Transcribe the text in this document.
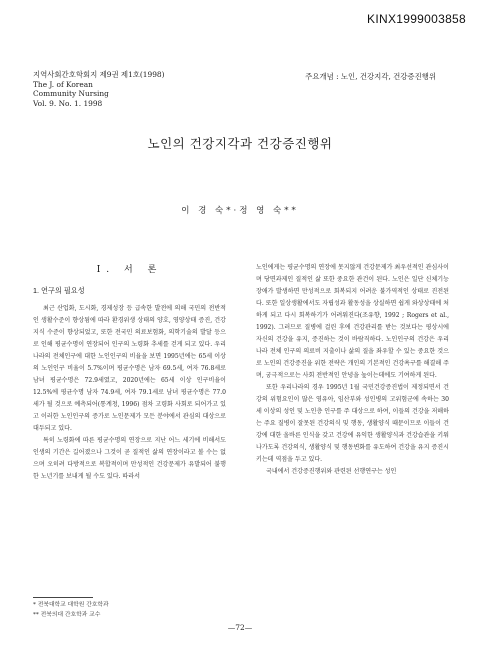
KINX1999003858
지역사회간호학회지 제9권 제1호(1998)
The J. of Korean
Community Nursing
Vol. 9. No. 1. 1998
주요개념 : 노인, 건강지각, 건강증진행위
노인의 건강지각과 건강증진행위
이 경 숙*·정 영 숙**
Ⅰ. 서 론
1. 연구의 필요성

최근 산업화, 도시화, 경제성장 등 급속한 발전에 의해 국민의 전반적인 생활수준이 향상됨에 따라 환경위생 상태의 양호, 영양상태 증진, 건강지식 수준이 향상되었고, 또한 전국민 의료보험화, 의학기술의 발달 등으로 인해 평균수명이 연장되어 인구의 노령화 추세를 걷게 되고 있다. 우리나라의 전체인구에 대한 노인인구의 비율을 보면 1995년에는 65세 이상의 노인인구 비율이 5.7%이며 평균수명은 남자 69.5세, 여자 76.8세로 남녀 평균수명은 72.9세였고, 2020년에는 65세 이상 인구비율이 12.5%에 평균수명 남자 74.9세, 여자 79.1세로 남녀 평균수명은 77.0세가 될 것으로 예측되어(통계청, 1996) 점차 고령화 사회로 되어가고 있고 이러한 노인인구의 증가로 노인문제가 모든 분야에서 관심의 대상으로 대두되고 있다.

특히 노령화에 따른 평균수명의 연장으로 지난 어느 세기에 비해서도 인생의 기간은 길어졌으나 그것이 곧 질적인 삶의 연장이라고 볼 수는 없으며 오히려 다방적으로 복합적이며 만성적인 건강문제가 유발되어 불행한 노년기를 보내게 될 수도 있다. 따라서

노인에게는 평균수명의 연장에 못지않게 건강문제가 최우선적인 관심사이며 당면과제인 질적인 삶 또한 중요한 관건이 된다. 노인은 일단 신체기능장애가 발생하면 만성적으로 회복되지 어려운 불가역적인 상태로 진전된다. 또한 일상생활에서도 자립성과 활동성을 상실하면 쉽게 와상상태에 처하게 되고 다시 회복하기가 어려워진다(조유향, 1992 ; Rogers et al., 1992). 그러므로 질병에 걸린 후에 건강관리를 받는 것보다는 평상시에 자신의 건강을 유지, 증진하는 것이 바람직하다. 노인인구의 건강은 우리나라 전체 인구의 의료비 지출이나 삶의 질을 좌우할 수 있는 중요한 것으로 노인의 건강증진을 위한 전략은 개인의 기본적인 건강욕구를 해결해 주며, 궁극적으로는 사회 전반적인 안녕을 높이는데에도 기여하게 된다.

또한 우리나라의 경우 1995년 1월 국민건강증진법이 제정되면서 건강의 위험요인이 많은 영유아, 임산부와 성인병의 고위험군에 속하는 30세 이상의 성인 및 노인층 인구를 주 대상으로 하여, 이들의 건강을 저해하는 주요 질병이 잘못된 건강의식 및 행동, 생활양식 때문이므로 이들이 건강에 대한 올바른 인식을 갖고 건강에 유익한 생활양식과 건강습관을 키워 나가도록 건강의식, 생활양식 및 행동변화를 유도하여 건강을 유지 증진시키는데 역점을 두고 있다.

국내에서 건강증진행위와 관련된 선행연구는 성인

* 전북대학교 대학원 간호학과
** 전북의대 간호학과 교수
—72—
